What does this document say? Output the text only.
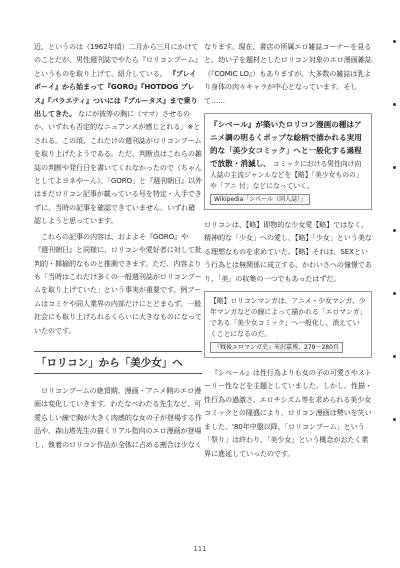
近、というのは（1962年頃）二月から三月にかけてのことだが、男性週刊誌でやたら『ロリコンブーム』というものを取り上げて、紹介している。 『プレイボーイ』から始まって『GORO』『HOTDOG プレス』『パラエティ』ついには『ブルータス』まで乗り出してきた。 なにが彼等の胸に（ママ）させるのか、いずれも否定的なニュアンスが感じとれる」※とされる。この頃、これだけの週刊誌がロリコンブームを取り上げたようである。ただ、判断点はこれらの雑誌の判断や発行日を書いてくれなかったので（ちゃんとしてよヨネやーん）、「GORO」と『週刊朝日』以外はまだロリコン記事が載っている号を特定・入手できずに、当時の記事を確認できていません。いずれ確認しようと思っています。

これらの記事の内容は、およよそ『GORO』や『週刊朝日』と同様に、ロリコンや愛好者に対して批判的・揶揄的なものと推測できます。ただ、内容よりも「当時はこれだけ多くの一般週刊誌がロリコンブームを取り上げていた」という事実が重要です。例ブームはコミケや同人業界の内部だけにとどまらず、一般社会にも取り上げられるくらいに大きなものになっていたのです。

「ロリコン」から「美少女」へ

ロリコンブームの絶頂期、漫画・アニメ側のエロ漫画は変化していきます。わたなべわたる先生など、可愛らしい線で胸が大きく肉感的な女の子が登場する作品や、森山塔先生の描くリアル指向のエロ漫画が登場し、執着のロリコン作品が全体に占める割合は少なく

なります。現在、書店の所属エロ雑誌コーナーを見ると、幼い子を題材としたロリコン対象のエロ漫画雑誌（『COMIC LO』）もありますが、大多数の雑誌は乳より身体の肉々キャラが中心となっています。そして……

『シベール』が築いたロリコン漫画の種はアニメ調の明るくポップな絵柄で描かれる実用的な「美少女コミック」へと一般化する過程で放散・消滅し、 コミックにおける男性向け向人誌の主流ジャンルなどを【略】「美少女ものの」や「アニ 付」などになっていく。
Wikipedia「シベール（同人誌）」

ロリコンは、【略】即物的な少女愛【略】ではなく、精神的な「少女」への愛し、【略】「少女」という美なる理想なものを求めていた。【略】それは、SEXという行為とは無関係に成立する、かわいさへの憧憬であり、「美」の収集の一つでもあったはずだ。

【略】ロリコンマンガは、アニメ・少女マンガ、少年マンガなどの線によって描かれる「エロマンガ」である「美少女コミック」へ一般化し、消えていくことになるのだ。
『戦後エロマンガ史』米沢嘉博、279－280頁

『シベール』は性行為よりも女の子の可愛さやストーリー性などを主題としていました。しかし、性描・性行為の過激さ、エロチシズム等を求められる美少女コミックとの隆盛により、ロリコン漫画は勢いを失いました。'80年中盤以降、「ロリコンブーム」という「祭り」は終わり、「美少女」という概念がおたく業界に進延していったのです。

111
